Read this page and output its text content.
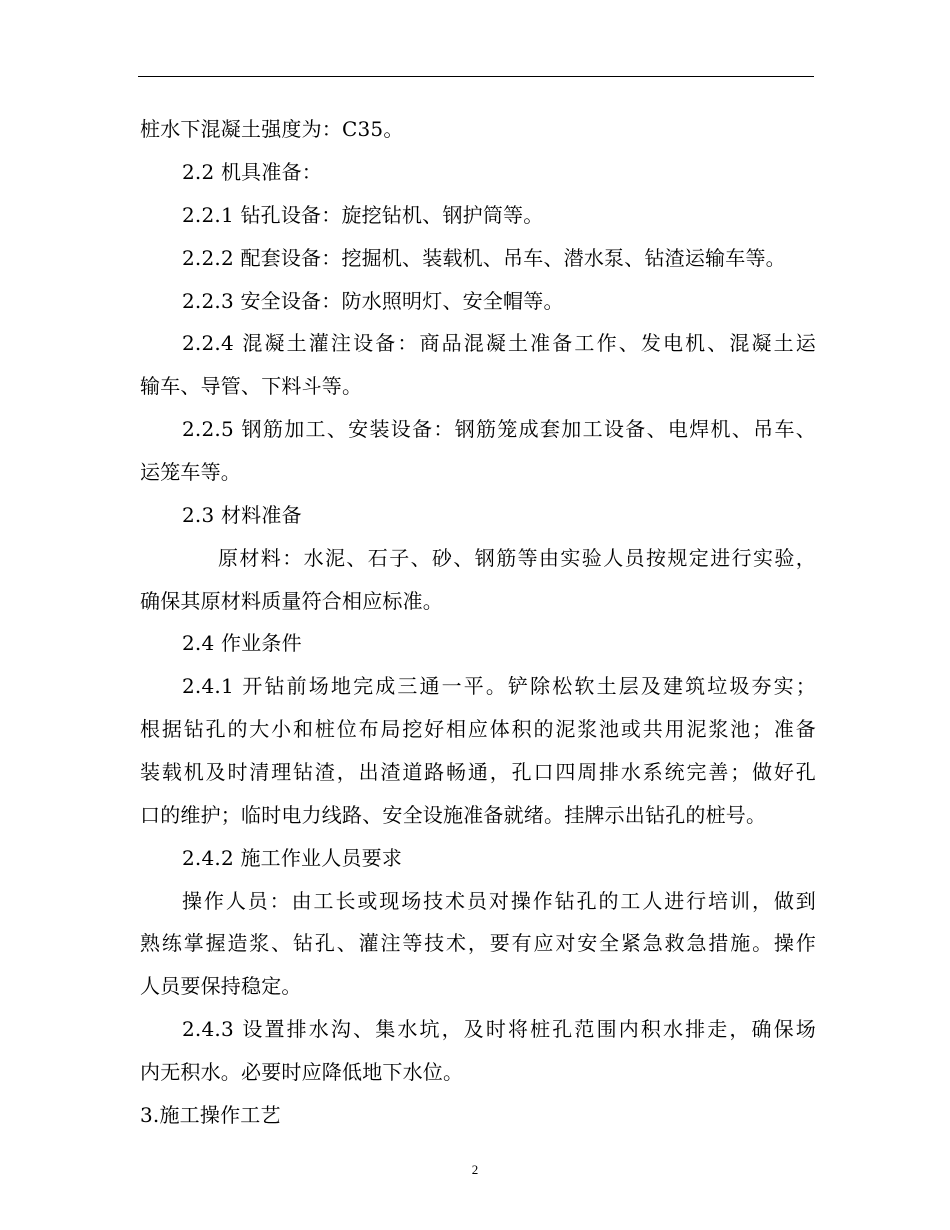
桩水下混凝土强度为：C35。
2.2 机具准备：
2.2.1 钻孔设备：旋挖钻机、钢护筒等。
2.2.2 配套设备：挖掘机、装载机、吊车、潜水泵、钻渣运输车等。
2.2.3 安全设备：防水照明灯、安全帽等。
2.2.4 混凝土灌注设备：商品混凝土准备工作、发电机、混凝土运
输车、导管、下料斗等。
2.2.5 钢筋加工、安装设备：钢筋笼成套加工设备、电焊机、吊车、
运笼车等。
2.3 材料准备
原材料：水泥、石子、砂、钢筋等由实验人员按规定进行实验，
确保其原材料质量符合相应标准。
2.4 作业条件
2.4.1 开钻前场地完成三通一平。铲除松软土层及建筑垃圾夯实；
根据钻孔的大小和桩位布局挖好相应体积的泥浆池或共用泥浆池；准备
装载机及时清理钻渣，出渣道路畅通，孔口四周排水系统完善；做好孔
口的维护；临时电力线路、安全设施准备就绪。挂牌示出钻孔的桩号。
2.4.2 施工作业人员要求
操作人员：由工长或现场技术员对操作钻孔的工人进行培训，做到
熟练掌握造浆、钻孔、灌注等技术，要有应对安全紧急救急措施。操作
人员要保持稳定。
2.4.3 设置排水沟、集水坑，及时将桩孔范围内积水排走，确保场
内无积水。必要时应降低地下水位。
3.施工操作工艺
2
